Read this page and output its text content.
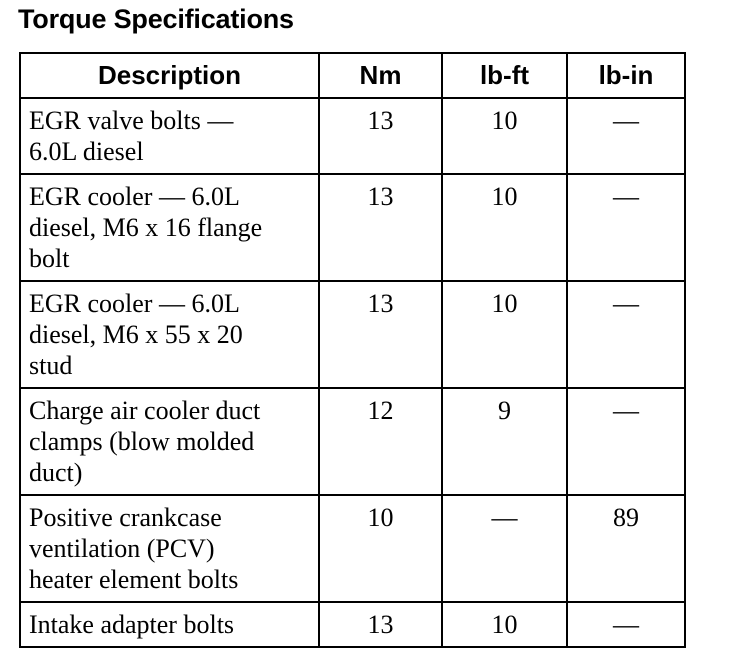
Torque Specifications
Description	Nm	lb-ft	lb-in

EGR valve bolts —
6.0L diesel	13	10	—

EGR cooler — 6.0L
diesel, M6 x 16 flange
bolt	13	10	—

EGR cooler — 6.0L
diesel, M6 x 55 x 20
stud	13	10	—

Charge air cooler duct
clamps (blow molded
duct)	12	9	—

Positive crankcase
ventilation (PCV)
heater element bolts	10	—	89

Intake adapter bolts	13	10	—
